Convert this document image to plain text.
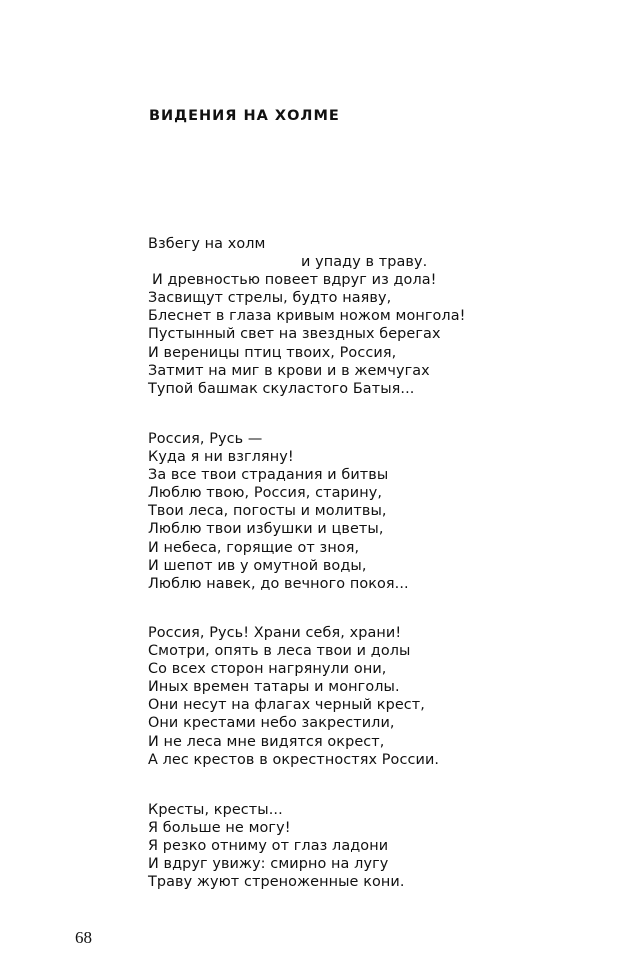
ВИДЕНИЯ НА ХОЛМЕ
Взбегу на холм
и упаду в траву.
И древностью повеет вдруг из дола!
Засвищут стрелы, будто наяву,
Блеснет в глаза кривым ножом монгола!
Пустынный свет на звездных берегах
И вереницы птиц твоих, Россия,
Затмит на миг в крови и в жемчугах
Тупой башмак скуластого Батыя...
Россия, Русь —
Куда я ни взгляну!
За все твои страдания и битвы
Люблю твою, Россия, старину,
Твои леса, погосты и молитвы,
Люблю твои избушки и цветы,
И небеса, горящие от зноя,
И шепот ив у омутной воды,
Люблю навек, до вечного покоя...
Россия, Русь! Храни себя, храни!
Смотри, опять в леса твои и долы
Со всех сторон нагрянули они,
Иных времен татары и монголы.
Они несут на флагах черный крест,
Они крестами небо закрестили,
И не леса мне видятся окрест,
А лес крестов в окрестностях России.
Кресты, кресты...
Я больше не могу!
Я резко отниму от глаз ладони
И вдруг увижу: смирно на лугу
Траву жуют стреноженные кони.
68
